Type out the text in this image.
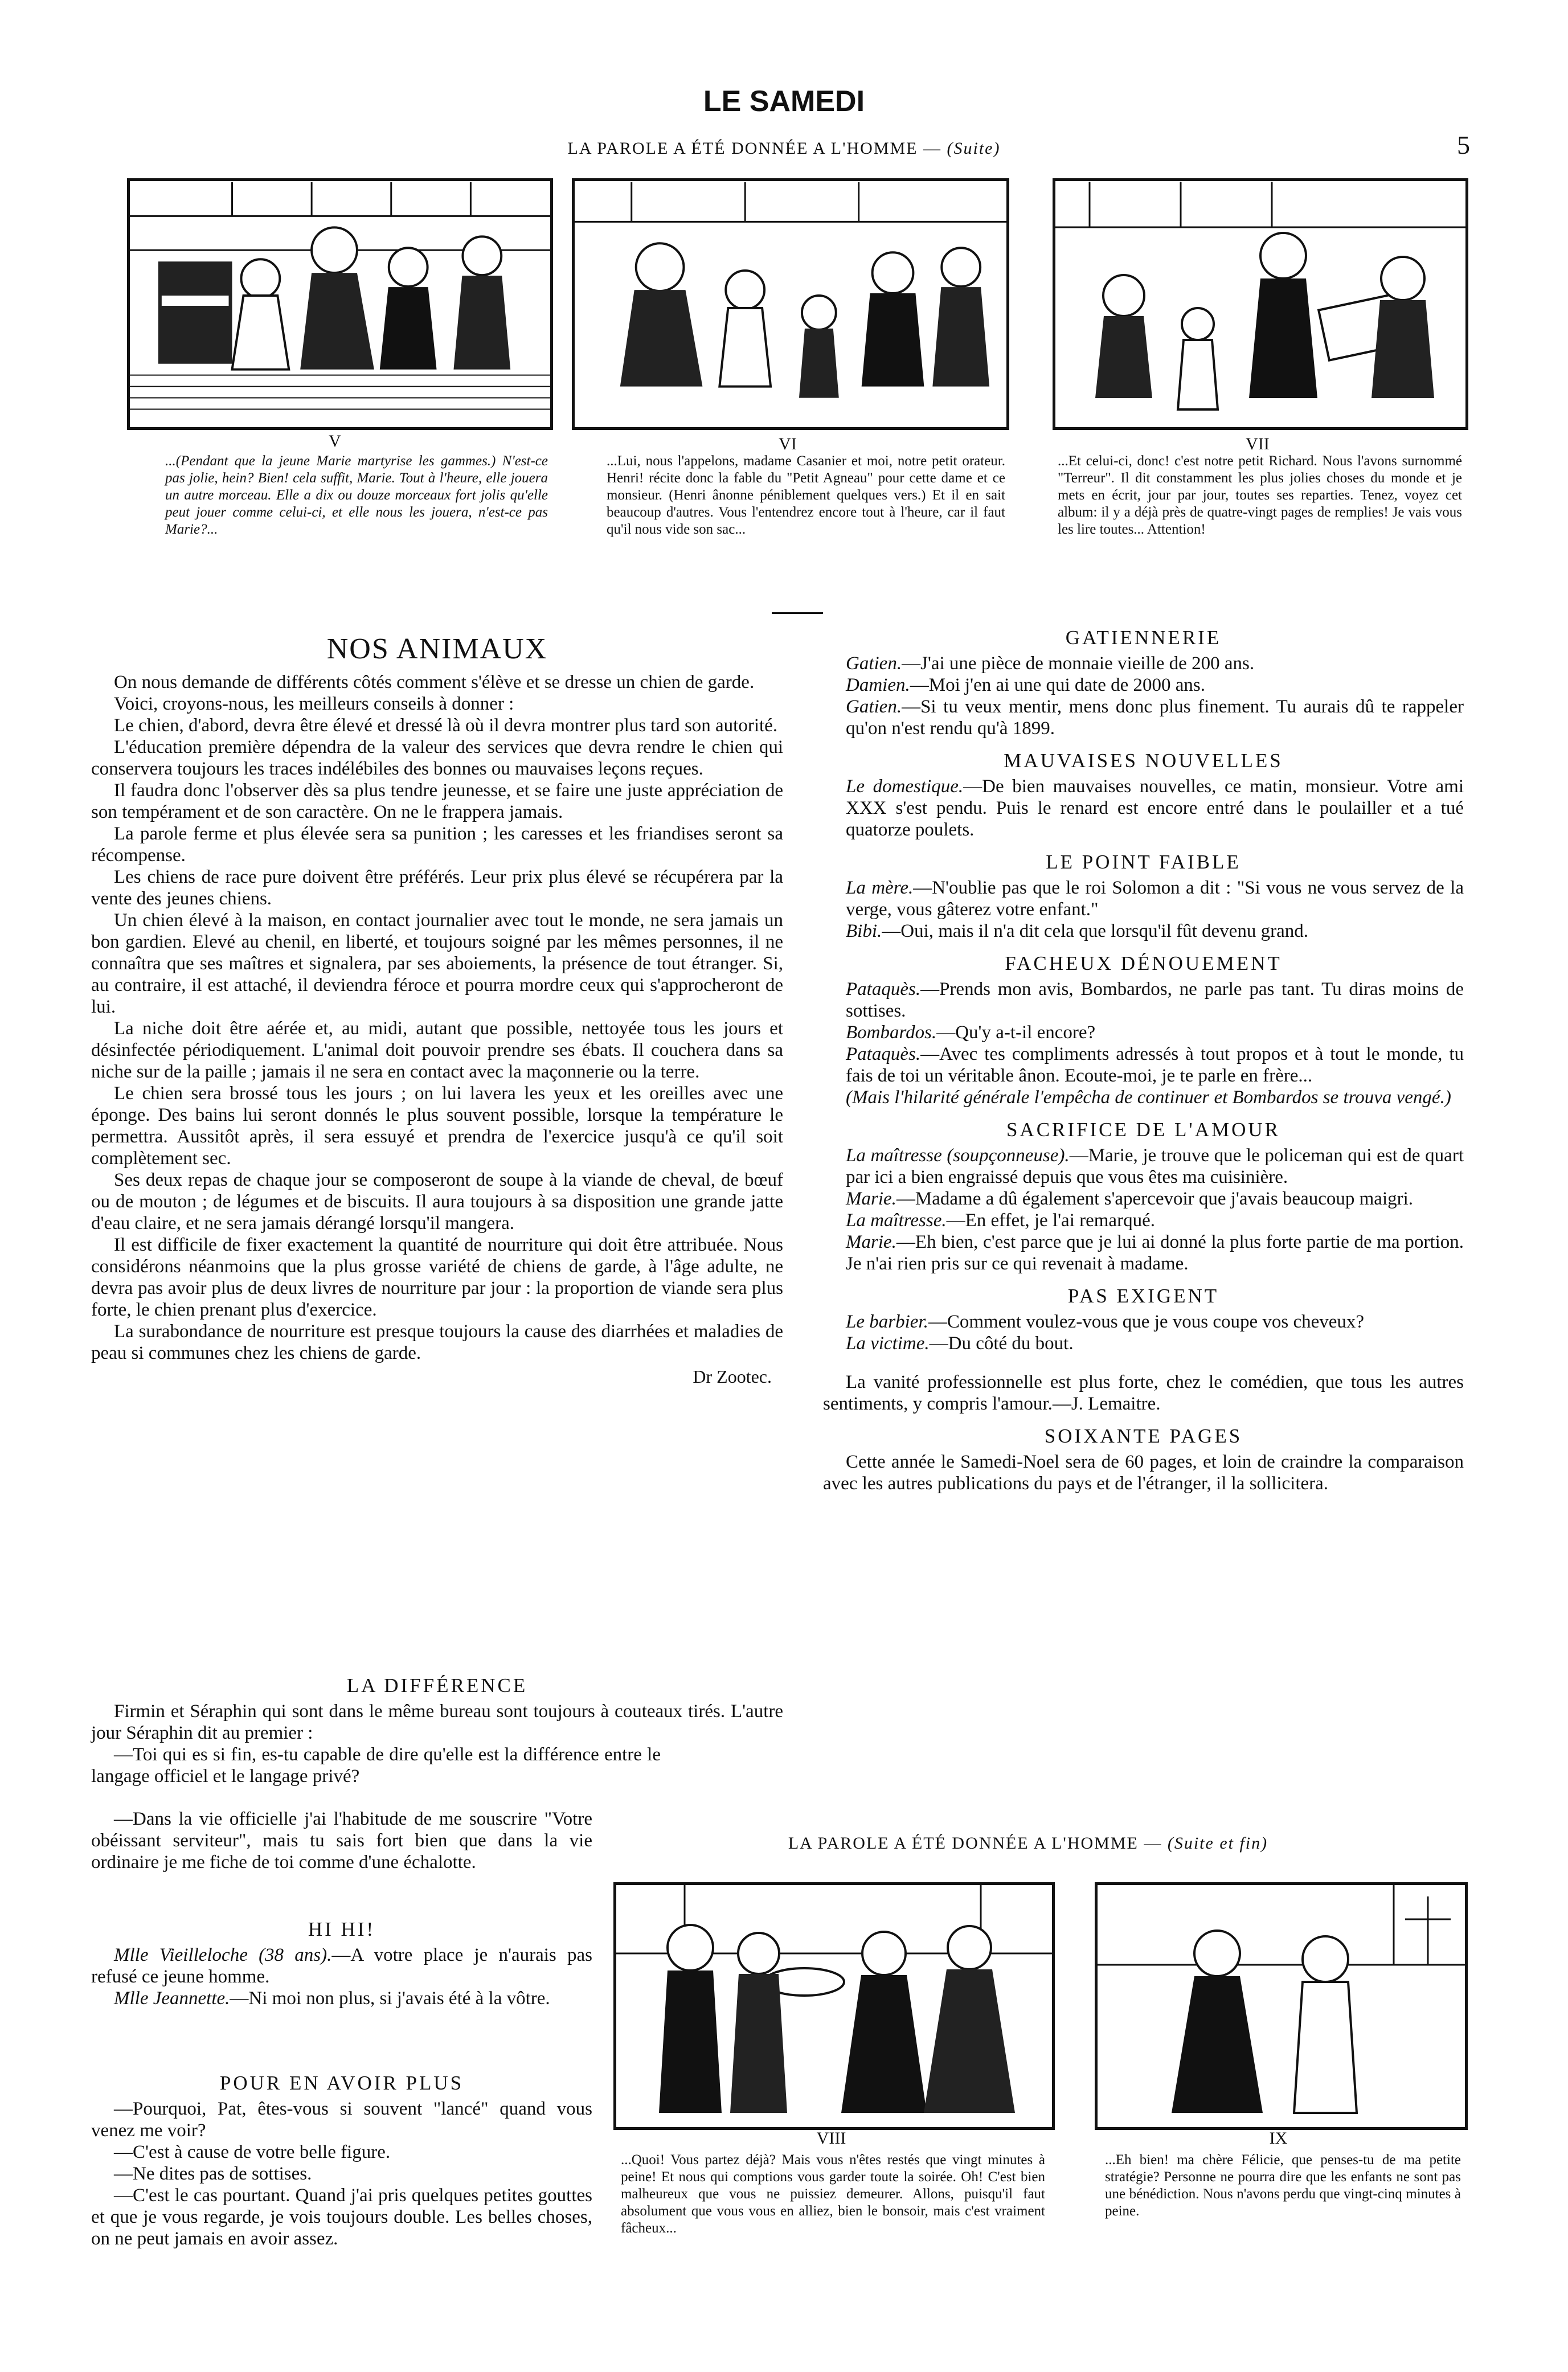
LE SAMEDI
5
LA PAROLE A ÉTÉ DONNÉE A L'HOMME — (Suite)
V	VI	VII
...(Pendant que la jeune Marie martyrise les gammes.) N'est-ce pas jolie, hein? Bien! cela suffit, Marie. Tout à l'heure, elle jouera un autre morceau. Elle a dix ou douze morceaux fort jolis qu'elle peut jouer comme celui-ci, et elle nous les jouera, n'est-ce pas Marie?...
...Lui, nous l'appelons, madame Casanier et moi, notre petit orateur. Henri! récite donc la fable du "Petit Agneau" pour cette dame et ce monsieur. (Henri ânonne péniblement quelques vers.) Et il en sait beaucoup d'autres. Vous l'entendrez encore tout à l'heure, car il faut qu'il nous vide son sac...
...Et celui-ci, donc! c'est notre petit Richard. Nous l'avons surnommé "Terreur". Il dit constamment les plus jolies choses du monde et je mets en écrit, jour par jour, toutes ses reparties. Tenez, voyez cet album: il y a déjà près de quatre-vingt pages de remplies! Je vais vous les lire toutes... Attention!
NOS ANIMAUX

On nous demande de différents côtés comment s'élève et se dresse un chien de garde.

Voici, croyons-nous, les meilleurs conseils à donner :

Le chien, d'abord, devra être élevé et dressé là où il devra montrer plus tard son autorité.

L'éducation première dépendra de la valeur des services que devra rendre le chien qui conservera toujours les traces indélébiles des bonnes ou mauvaises leçons reçues.

Il faudra donc l'observer dès sa plus tendre jeunesse, et se faire une juste appréciation de son tempérament et de son caractère. On ne le frappera jamais.

La parole ferme et plus élevée sera sa punition ; les caresses et les friandises seront sa récompense.

Les chiens de race pure doivent être préférés. Leur prix plus élevé se récupérera par la vente des jeunes chiens.

Un chien élevé à la maison, en contact journalier avec tout le monde, ne sera jamais un bon gardien. Elevé au chenil, en liberté, et toujours soigné par les mêmes personnes, il ne connaîtra que ses maîtres et signalera, par ses aboiements, la présence de tout étranger. Si, au contraire, il est attaché, il deviendra féroce et pourra mordre ceux qui s'approcheront de lui.

La niche doit être aérée et, au midi, autant que possible, nettoyée tous les jours et désinfectée périodiquement. L'animal doit pouvoir prendre ses ébats. Il couchera dans sa niche sur de la paille ; jamais il ne sera en contact avec la maçonnerie ou la terre.

Le chien sera brossé tous les jours ; on lui lavera les yeux et les oreilles avec une éponge. Des bains lui seront donnés le plus souvent possible, lorsque la température le permettra. Aussitôt après, il sera essuyé et prendra de l'exercice jusqu'à ce qu'il soit complètement sec.

Ses deux repas de chaque jour se composeront de soupe à la viande de cheval, de bœuf ou de mouton ; de légumes et de biscuits. Il aura toujours à sa disposition une grande jatte d'eau claire, et ne sera jamais dérangé lorsqu'il mangera.

Il est difficile de fixer exactement la quantité de nourriture qui doit être attribuée. Nous considérons néanmoins que la plus grosse variété de chiens de garde, à l'âge adulte, ne devra pas avoir plus de deux livres de nourriture par jour : la proportion de viande sera plus forte, le chien prenant plus d'exercice.

La surabondance de nourriture est presque toujours la cause des diarrhées et maladies de peau si communes chez les chiens de garde.

Dr Zootec.
LA DIFFÉRENCE

Firmin et Séraphin qui sont dans le même bureau sont toujours à couteaux tirés. L'autre jour Séraphin dit au premier :

—Toi qui es si fin, es-tu capable de dire qu'elle est la différence entre le langage officiel et le langage privé?

—Dans la vie officielle j'ai l'habitude de me souscrire "Votre obéissant serviteur", mais tu sais fort bien que dans la vie ordinaire je me fiche de toi comme d'une échalotte.

HI HI!

Mlle Vieilleloche (38 ans).—A votre place je n'aurais pas refusé ce jeune homme.

Mlle Jeannette.—Ni moi non plus, si j'avais été à la vôtre.

POUR EN AVOIR PLUS

—Pourquoi, Pat, êtes-vous si souvent "lancé" quand vous venez me voir?

—C'est à cause de votre belle figure.

—Ne dites pas de sottises.

—C'est le cas pourtant. Quand j'ai pris quelques petites gouttes et que je vous regarde, je vois toujours double. Les belles choses, on ne peut jamais en avoir assez.

GATIENNERIE

Gatien.—J'ai une pièce de monnaie vieille de 200 ans.

Damien.—Moi j'en ai une qui date de 2000 ans.

Gatien.—Si tu veux mentir, mens donc plus finement. Tu aurais dû te rappeler qu'on n'est rendu qu'à 1899.

MAUVAISES NOUVELLES

Le domestique.—De bien mauvaises nouvelles, ce matin, monsieur. Votre ami XXX s'est pendu. Puis le renard est encore entré dans le poulailler et a tué quatorze poulets.

LE POINT FAIBLE

La mère.—N'oublie pas que le roi Solomon a dit : "Si vous ne vous servez de la verge, vous gâterez votre enfant."

Bibi.—Oui, mais il n'a dit cela que lorsqu'il fût devenu grand.

FACHEUX DÉNOUEMENT

Pataquès.—Prends mon avis, Bombardos, ne parle pas tant. Tu diras moins de sottises.

Bombardos.—Qu'y a-t-il encore?

Pataquès.—Avec tes compliments adressés à tout propos et à tout le monde, tu fais de toi un véritable ânon. Ecoute-moi, je te parle en frère...

(Mais l'hilarité générale l'empêcha de continuer et Bombardos se trouva vengé.)

SACRIFICE DE L'AMOUR

La maîtresse (soupçonneuse).—Marie, je trouve que le policeman qui est de quart par ici a bien engraissé depuis que vous êtes ma cuisinière.

Marie.—Madame a dû également s'apercevoir que j'avais beaucoup maigri.

La maîtresse.—En effet, je l'ai remarqué.

Marie.—Eh bien, c'est parce que je lui ai donné la plus forte partie de ma portion. Je n'ai rien pris sur ce qui revenait à madame.

PAS EXIGENT

Le barbier.—Comment voulez-vous que je vous coupe vos cheveux?

La victime.—Du côté du bout.

La vanité professionnelle est plus forte, chez le comédien, que tous les autres sentiments, y compris l'amour.—J. Lemaitre.

SOIXANTE PAGES

Cette année le Samedi-Noel sera de 60 pages, et loin de craindre la comparaison avec les autres publications du pays et de l'étranger, il la sollicitera.

LA PAROLE A ÉTÉ DONNÉE A L'HOMME — (Suite et fin)
VIII	IX
...Quoi! Vous partez déjà? Mais vous n'êtes restés que vingt minutes à peine! Et nous qui comptions vous garder toute la soirée. Oh! C'est bien malheureux que vous ne puissiez demeurer. Allons, puisqu'il faut absolument que vous vous en alliez, bien le bonsoir, mais c'est vraiment fâcheux...
...Eh bien! ma chère Félicie, que penses-tu de ma petite stratégie? Personne ne pourra dire que les enfants ne sont pas une bénédiction. Nous n'avons perdu que vingt-cinq minutes à peine.
